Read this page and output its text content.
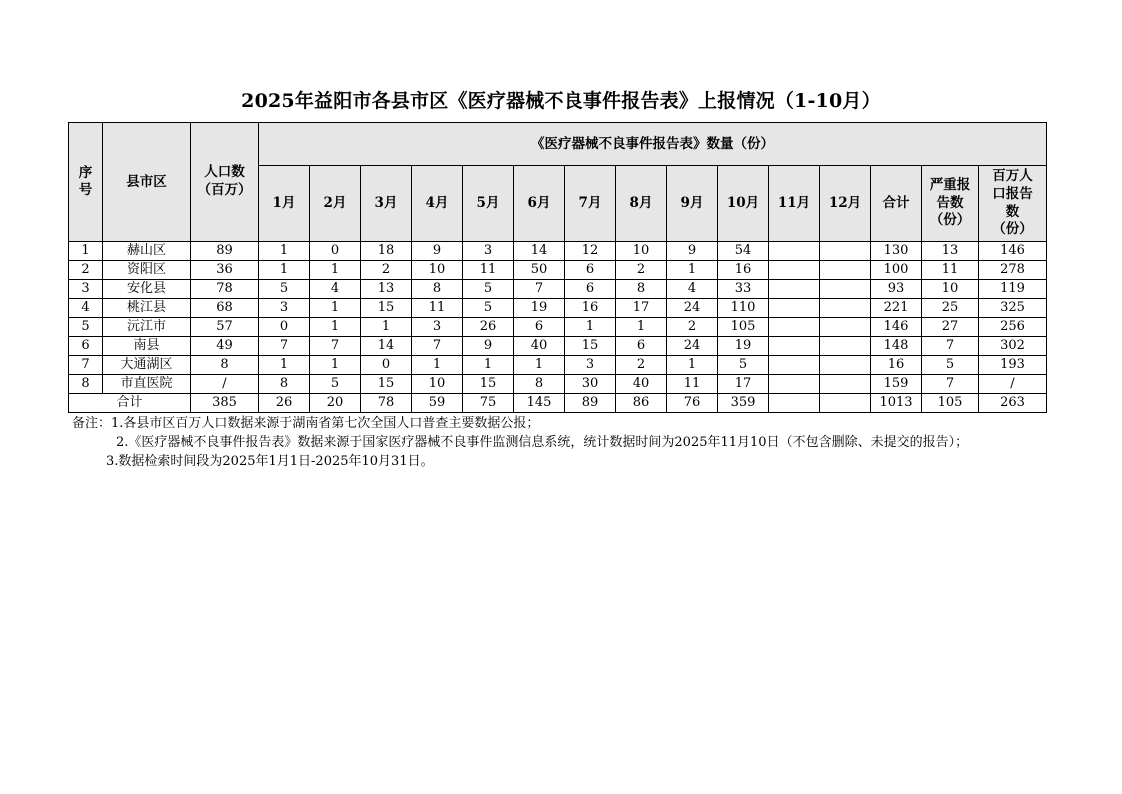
2025年益阳市各县市区《医疗器械不良事件报告表》上报情况（1-10月）
序号	县市区	人口数（百万）	《医疗器械不良事件报告表》数量（份）														
			1月	2月	3月	4月	5月	6月	7月	8月	9月	10月	11月	12月	合计	严重报告数（份）	百万人口报告数（份）

1	赫山区	89	1	0	18	9	3	14	12	10	9	54			130	13	146
2	资阳区	36	1	1	2	10	11	50	6	2	1	16			100	11	278
3	安化县	78	5	4	13	8	5	7	6	8	4	33			93	10	119
4	桃江县	68	3	1	15	11	5	19	16	17	24	110			221	25	325
5	沅江市	57	0	1	1	3	26	6	1	1	2	105			146	27	256
6	南县	49	7	7	14	7	9	40	15	6	24	19			148	7	302
7	大通湖区	8	1	1	0	1	1	1	3	2	1	5			16	5	193
8	市直医院	/	8	5	15	10	15	8	30	40	11	17			159	7	/
合计		385	26	20	78	59	75	145	89	86	76	359			1013	105	263

备注：1.各县市区百万人口数据来源于湖南省第七次全国人口普查主要数据公报；

2.《医疗器械不良事件报告表》数据来源于国家医疗器械不良事件监测信息系统，统计数据时间为2025年11月10日（不包含删除、未提交的报告）；

3.数据检索时间段为2025年1月1日-2025年10月31日。
